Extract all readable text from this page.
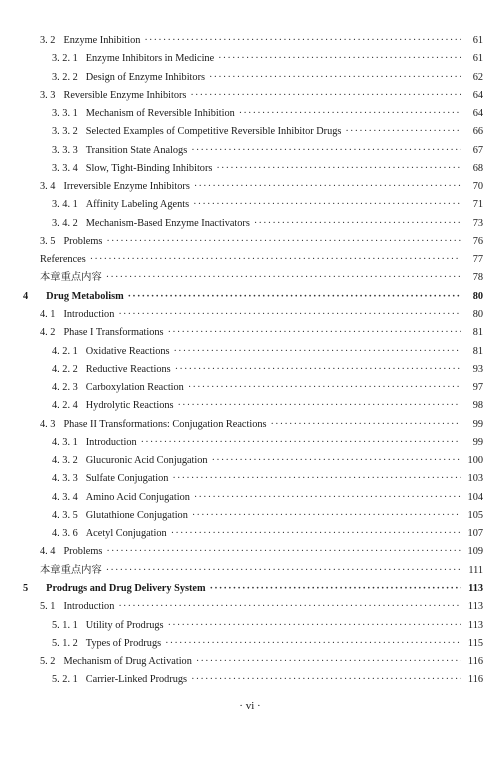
3. 2 Enzyme Inhibition ·····	61
3. 2. 1 Enzyme Inhibitors in Medicine ·····	61
3. 2. 2 Design of Enzyme Inhibitors ·····	62
3. 3 Reversible Enzyme Inhibitors ·····	64
3. 3. 1 Mechanism of Reversible Inhibition ·····	64
3. 3. 2 Selected Examples of Competitive Reversible Inhibitor Drugs ·····	66
3. 3. 3 Transition State Analogs ·····	67
3. 3. 4 Slow, Tight-Binding Inhibitors ·····	68
3. 4 Irreversible Enzyme Inhibitors ·····	70
3. 4. 1 Affinity Labeling Agents ·····	71
3. 4. 2 Mechanism-Based Enzyme Inactivators ·····	73
3. 5 Problems ·····	76
References ·····	77
本章重点内容 ·····	78
4 Drug Metabolism ·····	80
4. 1 Introduction ·····	80
4. 2 Phase I Transformations ·····	81
4. 2. 1 Oxidative Reactions ·····	81
4. 2. 2 Reductive Reactions ·····	93
4. 2. 3 Carboxylation Reaction ·····	97
4. 2. 4 Hydrolytic Reactions ·····	98
4. 3 Phase II Transformations: Conjugation Reactions ·····	99
4. 3. 1 Introduction ·····	99
4. 3. 2 Glucuronic Acid Conjugation ·····	100
4. 3. 3 Sulfate Conjugation ·····	103
4. 3. 4 Amino Acid Conjugation ·····	104
4. 3. 5 Glutathione Conjugation ·····	105
4. 3. 6 Acetyl Conjugation ·····	107
4. 4 Problems ·····	109
本章重点内容 ·····	111
5 Prodrugs and Drug Delivery System ·····	113
5. 1 Introduction ·····	113
5. 1. 1 Utility of Prodrugs ·····	113
5. 1. 2 Types of Prodrugs ·····	115
5. 2 Mechanism of Drug Activation ·····	116
5. 2. 1 Carrier-Linked Prodrugs ·····	116
· vi ·
